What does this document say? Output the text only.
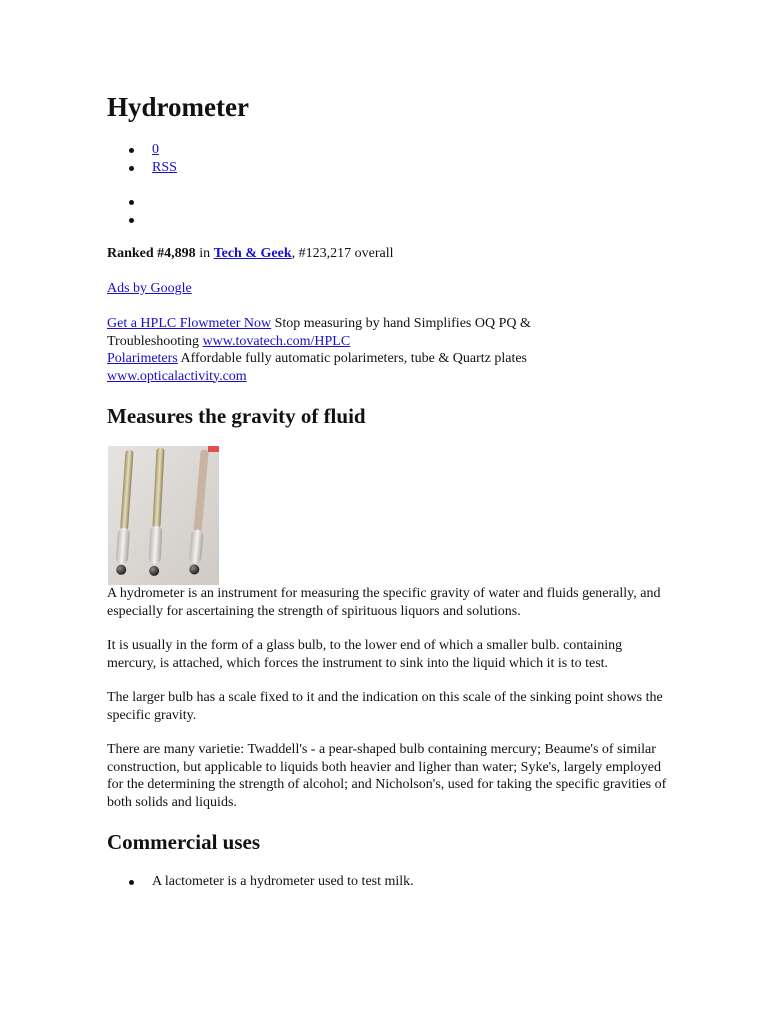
Hydrometer
0
RSS

Ranked #4,898 in Tech & Geek, #123,217 overall

Ads by Google

Get a HPLC Flowmeter Now Stop measuring by hand Simplifies OQ PQ &
Troubleshooting www.tovatech.com/HPLC
Polarimeters Affordable fully automatic polarimeters, tube & Quartz plates
www.opticalactivity.com
Measures the gravity of fluid

A hydrometer is an instrument for measuring the specific gravity of water and fluids generally, and especially for ascertaining the strength of spirituous liquors and solutions.

It is usually in the form of a glass bulb, to the lower end of which a smaller bulb. containing mercury, is attached, which forces the instrument to sink into the liquid which it is to test.

The larger bulb has a scale fixed to it and the indication on this scale of the sinking point shows the specific gravity.

There are many varietie: Twaddell's - a pear-shaped bulb containing mercury; Beaume's of similar construction, but applicable to liquids both heavier and ligher than water; Syke's, largely employed for the determining the strength of alcohol; and Nicholson's, used for taking the specific gravities of both solids and liquids.

Commercial uses
A lactometer is a hydrometer used to test milk.
